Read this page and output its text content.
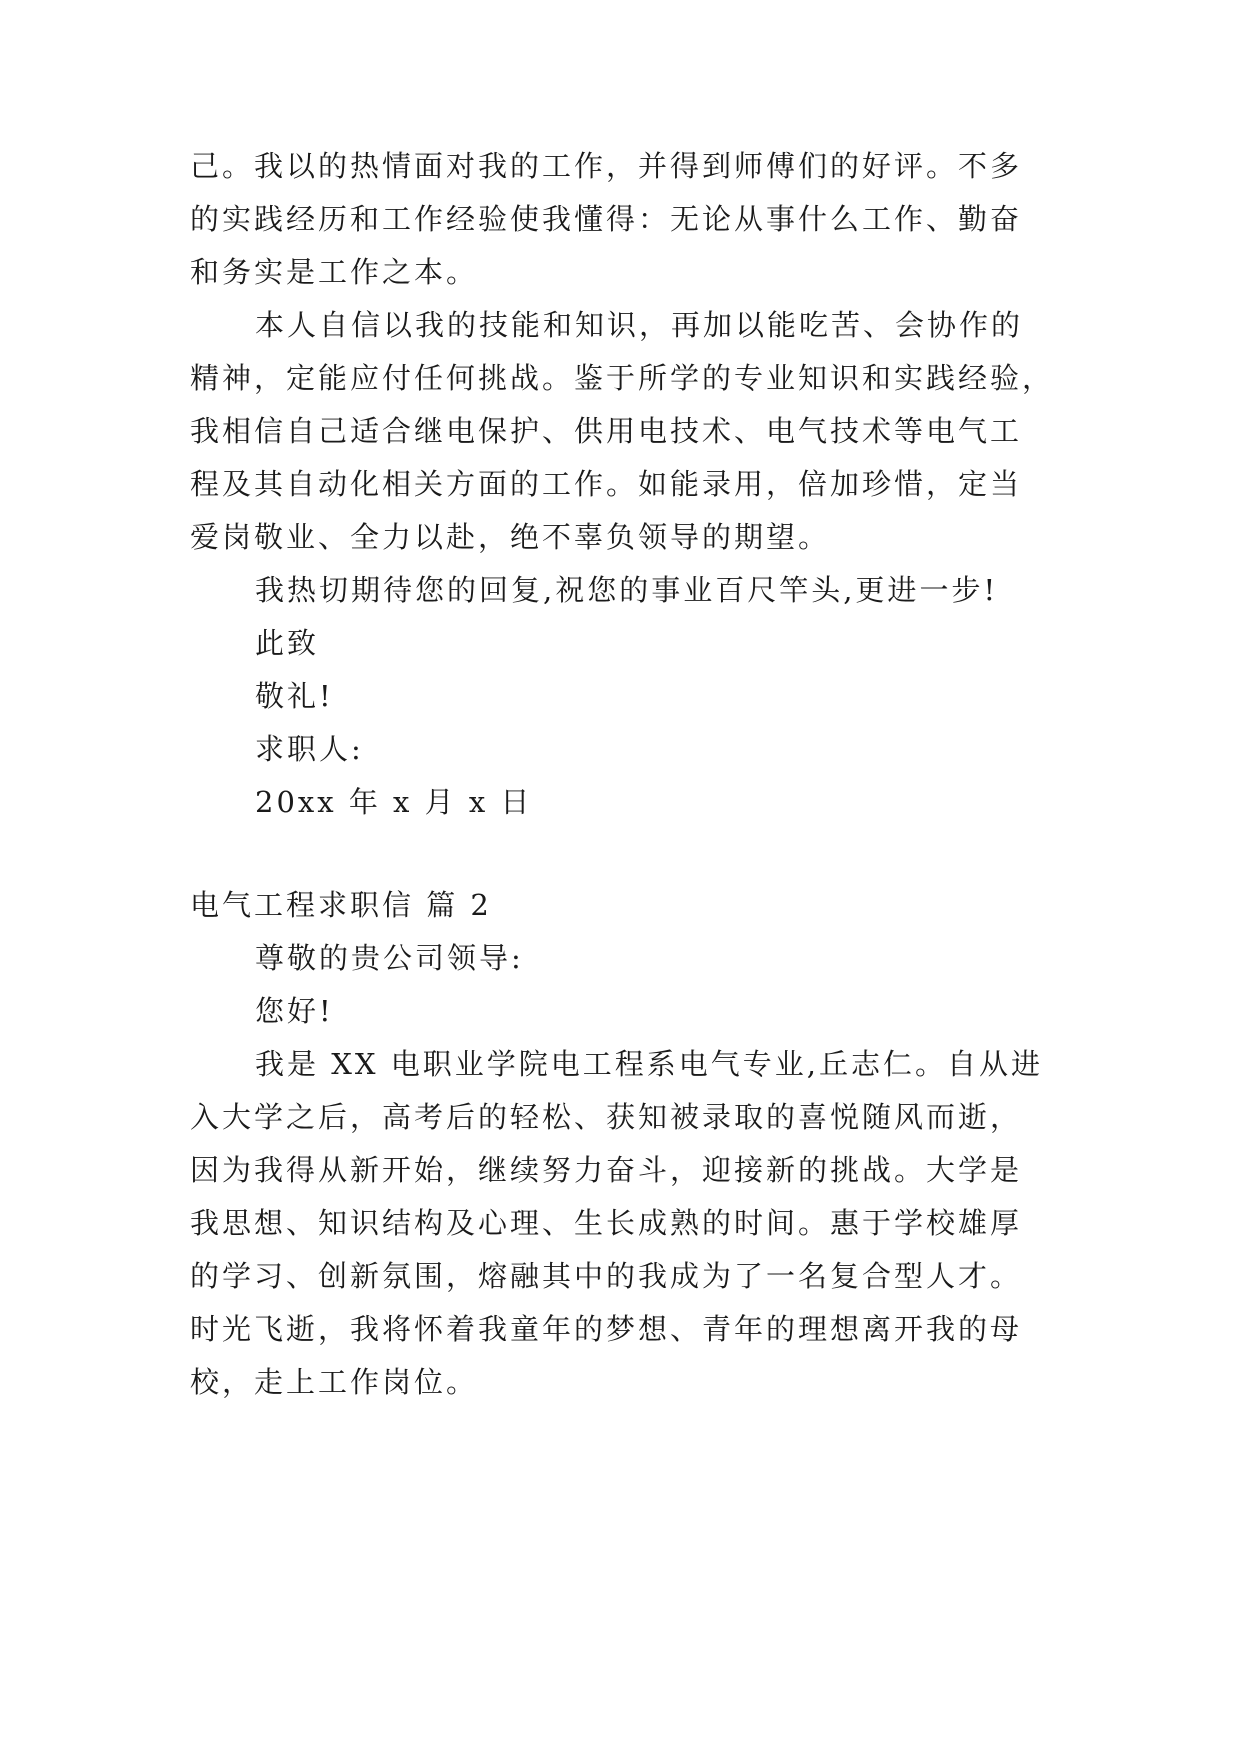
己。我以的热情面对我的工作，并得到师傅们的好评。不多
的实践经历和工作经验使我懂得：无论从事什么工作、勤奋
和务实是工作之本。
本人自信以我的技能和知识，再加以能吃苦、会协作的
精神，定能应付任何挑战。鉴于所学的专业知识和实践经验，
我相信自己适合继电保护、供用电技术、电气技术等电气工
程及其自动化相关方面的工作。如能录用，倍加珍惜，定当
爱岗敬业、全力以赴，绝不辜负领导的期望。
我热切期待您的回复,祝您的事业百尺竿头,更进一步!
此致
敬礼!
求职人:
20xx 年 x 月 x 日
电气工程求职信 篇 2
尊敬的贵公司领导:
您好!
我是 XX 电职业学院电工程系电气专业,丘志仁。自从进
入大学之后，高考后的轻松、获知被录取的喜悦随风而逝，
因为我得从新开始，继续努力奋斗，迎接新的挑战。大学是
我思想、知识结构及心理、生长成熟的时间。惠于学校雄厚
的学习、创新氛围，熔融其中的我成为了一名复合型人才。
时光飞逝，我将怀着我童年的梦想、青年的理想离开我的母
校，走上工作岗位。
